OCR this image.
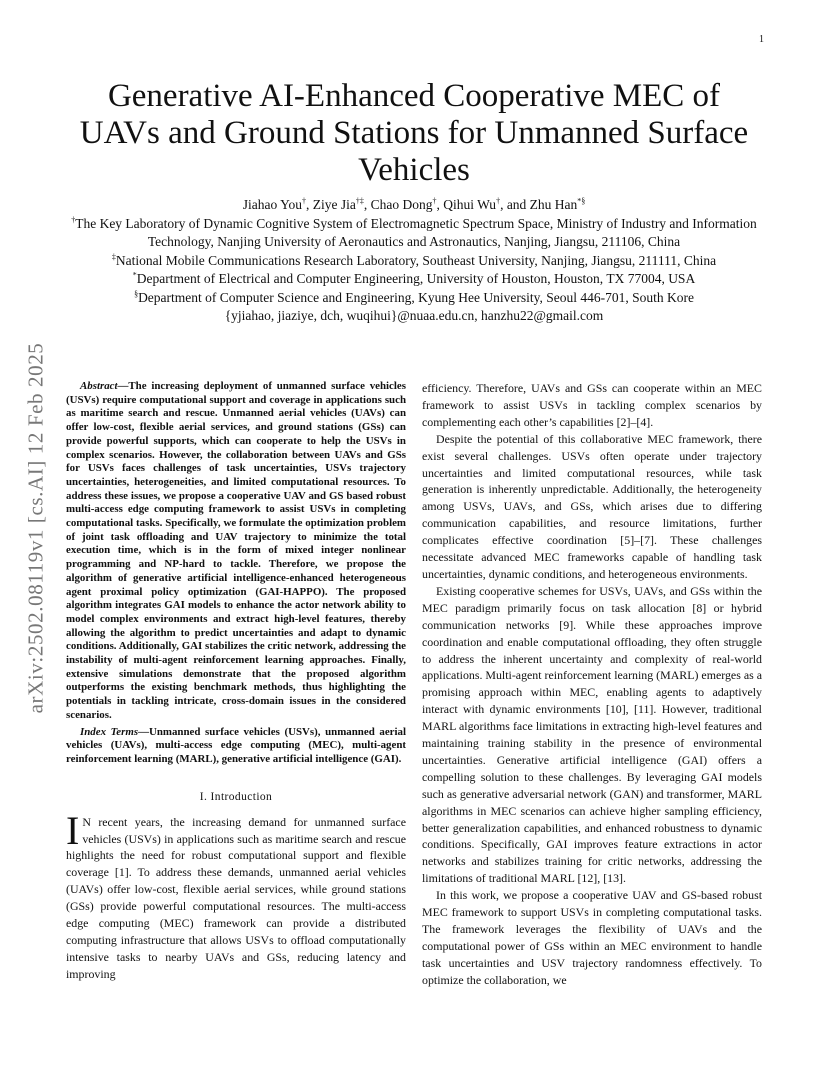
1
arXiv:2502.08119v1 [cs.AI] 12 Feb 2025
Generative AI-Enhanced Cooperative MEC of UAVs and Ground Stations for Unmanned Surface Vehicles
Jiahao You†, Ziye Jia†‡, Chao Dong†, Qihui Wu†, and Zhu Han*§
†The Key Laboratory of Dynamic Cognitive System of Electromagnetic Spectrum Space, Ministry of Industry and Information Technology, Nanjing University of Aeronautics and Astronautics, Nanjing, Jiangsu, 211106, China
‡National Mobile Communications Research Laboratory, Southeast University, Nanjing, Jiangsu, 211111, China
*Department of Electrical and Computer Engineering, University of Houston, Houston, TX 77004, USA
§Department of Computer Science and Engineering, Kyung Hee University, Seoul 446-701, South Kore
{yjiahao, jiaziye, dch, wuqihui}@nuaa.edu.cn, hanzhu22@gmail.com

Abstract—The increasing deployment of unmanned surface vehicles (USVs) require computational support and coverage in applications such as maritime search and rescue. Unmanned aerial vehicles (UAVs) can offer low-cost, flexible aerial services, and ground stations (GSs) can provide powerful supports, which can cooperate to help the USVs in complex scenarios. However, the collaboration between UAVs and GSs for USVs faces challenges of task uncertainties, USVs trajectory uncertainties, heterogeneities, and limited computational resources. To address these issues, we propose a cooperative UAV and GS based robust multi-access edge computing framework to assist USVs in completing computational tasks. Specifically, we formulate the optimization problem of joint task offloading and UAV trajectory to minimize the total execution time, which is in the form of mixed integer nonlinear programming and NP-hard to tackle. Therefore, we propose the algorithm of generative artificial intelligence-enhanced heterogeneous agent proximal policy optimization (GAI-HAPPO). The proposed algorithm integrates GAI models to enhance the actor network ability to model complex environments and extract high-level features, thereby allowing the algorithm to predict uncertainties and adapt to dynamic conditions. Additionally, GAI stabilizes the critic network, addressing the instability of multi-agent reinforcement learning approaches. Finally, extensive simulations demonstrate that the proposed algorithm outperforms the existing benchmark methods, thus highlighting the potentials in tackling intricate, cross-domain issues in the considered scenarios.

Index Terms—Unmanned surface vehicles (USVs), unmanned aerial vehicles (UAVs), multi-access edge computing (MEC), multi-agent reinforcement learning (MARL), generative artificial intelligence (GAI).

I. Introduction

I N recent years, the increasing demand for unmanned surface vehicles (USVs) in applications such as maritime search and rescue highlights the need for robust computational support and flexible coverage [1]. To address these demands, unmanned aerial vehicles (UAVs) offer low-cost, flexible aerial services, while ground stations (GSs) provide powerful computational resources. The multi-access edge computing (MEC) framework can provide a distributed computing infrastructure that allows USVs to offload computationally intensive tasks to nearby UAVs and GSs, reducing latency and improving

efficiency. Therefore, UAVs and GSs can cooperate within an MEC framework to assist USVs in tackling complex scenarios by complementing each other’s capabilities [2]–[4].

Despite the potential of this collaborative MEC framework, there exist several challenges. USVs often operate under trajectory uncertainties and limited computational resources, while task generation is inherently unpredictable. Additionally, the heterogeneity among USVs, UAVs, and GSs, which arises due to differing communication capabilities, and resource limitations, further complicates effective coordination [5]–[7]. These challenges necessitate advanced MEC frameworks capable of handling task uncertainties, dynamic conditions, and heterogeneous environments.

Existing cooperative schemes for USVs, UAVs, and GSs within the MEC paradigm primarily focus on task allocation [8] or hybrid communication networks [9]. While these approaches improve coordination and enable computational offloading, they often struggle to address the inherent uncertainty and complexity of real-world applications. Multi-agent reinforcement learning (MARL) emerges as a promising approach within MEC, enabling agents to adaptively interact with dynamic environments [10], [11]. However, traditional MARL algorithms face limitations in extracting high-level features and maintaining training stability in the presence of environmental uncertainties. Generative artificial intelligence (GAI) offers a compelling solution to these challenges. By leveraging GAI models such as generative adversarial network (GAN) and transformer, MARL algorithms in MEC scenarios can achieve higher sampling efficiency, better generalization capabilities, and enhanced robustness to dynamic conditions. Specifically, GAI improves feature extractions in actor networks and stabilizes training for critic networks, addressing the limitations of traditional MARL [12], [13].

In this work, we propose a cooperative UAV and GS-based robust MEC framework to support USVs in completing computational tasks. The framework leverages the flexibility of UAVs and the computational power of GSs within an MEC environment to handle task uncertainties and USV trajectory randomness effectively. To optimize the collaboration, we
